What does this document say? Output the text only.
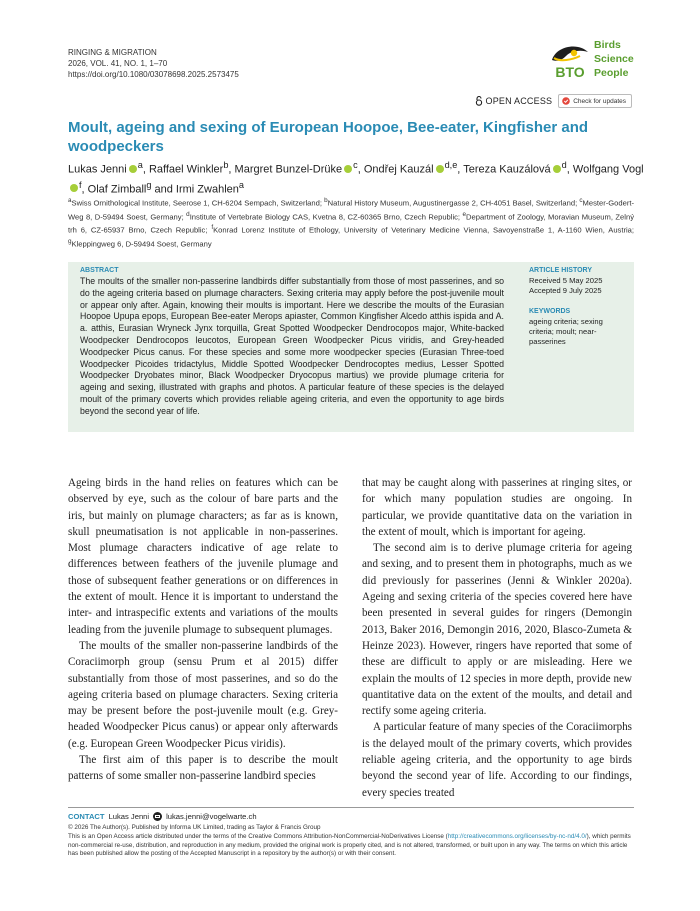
RINGING & MIGRATION
2026, VOL. 41, NO. 1, 1–70
https://doi.org/10.1080/03078698.2025.2573475	BTO
Birds
Science
People
OPEN ACCESS	Check for updates
Moult, ageing and sexing of European Hoopoe, Bee-eater, Kingfisher and woodpeckers

Lukas Jenni $^a$, Raffael Winkler$^b$, Margret Bunzel-Drüke $^c$, Ondřej Kauzál $^{d,e}$, Tereza Kauzálová $^d$, Wolfgang Vogl$^f$, Olaf Zimball$^g$ and Irmi Zwahlen$^a$

$^a$Swiss Ornithological Institute, Seerose 1, CH-6204 Sempach, Switzerland; $^b$Natural History Museum, Augustinergasse 2, CH-4051 Basel, Switzerland; $^c$Mester-Godert-Weg 8, D-59494 Soest, Germany; $^d$Institute of Vertebrate Biology CAS, Kvetna 8, CZ-60365 Brno, Czech Republic; $^e$Department of Zoology, Moravian Museum, Zelný trh 6, CZ-65937 Brno, Czech Republic; $^f$Konrad Lorenz Institute of Ethology, University of Veterinary Medicine Vienna, Savoyenstraße 1, A-1160 Wien, Austria; $^g$Kleppingweg 6, D-59494 Soest, Germany

ABSTRACT

The moults of the smaller non-passerine landbirds differ substantially from those of most passerines, and so do the ageing criteria based on plumage characters. Sexing criteria may apply before the post-juvenile moult or appear only after. Again, knowing their moults is important. Here we describe the moults of the Eurasian Hoopoe Upupa epops, European Bee-eater Merops apiaster, Common Kingfisher Alcedo atthis ispida and A. a. atthis, Eurasian Wryneck Jynx torquilla, Great Spotted Woodpecker Dendrocopos major, White-backed Woodpecker Dendrocopos leucotos, European Green Woodpecker Picus viridis, and Grey-headed Woodpecker Picus canus. For these species and some more woodpecker species (Eurasian Three-toed Woodpecker Picoides tridactylus, Middle Spotted Woodpecker Dendrocoptes medius, Lesser Spotted Woodpecker Dryobates minor, Black Woodpecker Dryocopus martius) we provide plumage criteria for ageing and sexing, illustrated with graphs and photos. A particular feature of these species is the delayed moult of the primary coverts which provides reliable ageing criteria, and even the opportunity to age birds beyond the second year of life.

ARTICLE HISTORY
Received 5 May 2025
Accepted 9 July 2025
KEYWORDS

ageing criteria; sexing criteria; moult; near-passerines

Ageing birds in the hand relies on features which can be observed by eye, such as the colour of bare parts and the iris, but mainly on plumage characters; as far as is known, skull pneumatisation is not applicable in non-passerines. Most plumage characters indicative of age relate to differences between feathers of the juvenile plumage and those of subsequent feather generations or on differences in the extent of moult. Hence it is important to understand the inter- and intraspecific extents and variations of the moults leading from the juvenile plumage to subsequent plumages.

The moults of the smaller non-passerine landbirds of the Coraciimorph group (sensu Prum et al 2015) differ substantially from those of most passerines, and so do the ageing criteria based on plumage characters. Sexing criteria may be present before the post-juvenile moult (e.g. Grey-headed Woodpecker Picus canus) or appear only afterwards (e.g. European Green Woodpecker Picus viridis).

The first aim of this paper is to describe the moult patterns of some smaller non-passerine landbird species

that may be caught along with passerines at ringing sites, or for which many population studies are ongoing. In particular, we provide quantitative data on the variation in the extent of moult, which is important for ageing.

The second aim is to derive plumage criteria for ageing and sexing, and to present them in photographs, much as we did previously for passerines (Jenni & Winkler 2020a). Ageing and sexing criteria of the species covered here have been presented in several guides for ringers (Demongin 2013, Baker 2016, Demongin 2016, 2020, Blasco-Zumeta & Heinze 2023). However, ringers have reported that some of these are difficult to apply or are misleading. Here we explain the moults of 12 species in more depth, provide new quantitative data on the extent of the moults, and detail and rectify some ageing criteria.

A particular feature of many species of the Coraciimorphs is the delayed moult of the primary coverts, which provides reliable ageing criteria, and the opportunity to age birds beyond the second year of life. According to our findings, every species treated

CONTACT Lukas Jenni lukas.jenni@vogelwarte.ch

© 2026 The Author(s). Published by Informa UK Limited, trading as Taylor & Francis Group

This is an Open Access article distributed under the terms of the Creative Commons Attribution-NonCommercial-NoDerivatives License (http://creativecommons.org/licenses/by-nc-nd/4.0/), which permits non-commercial re-use, distribution, and reproduction in any medium, provided the original work is properly cited, and is not altered, transformed, or built upon in any way. The terms on which this article has been published allow the posting of the Accepted Manuscript in a repository by the author(s) or with their consent.
